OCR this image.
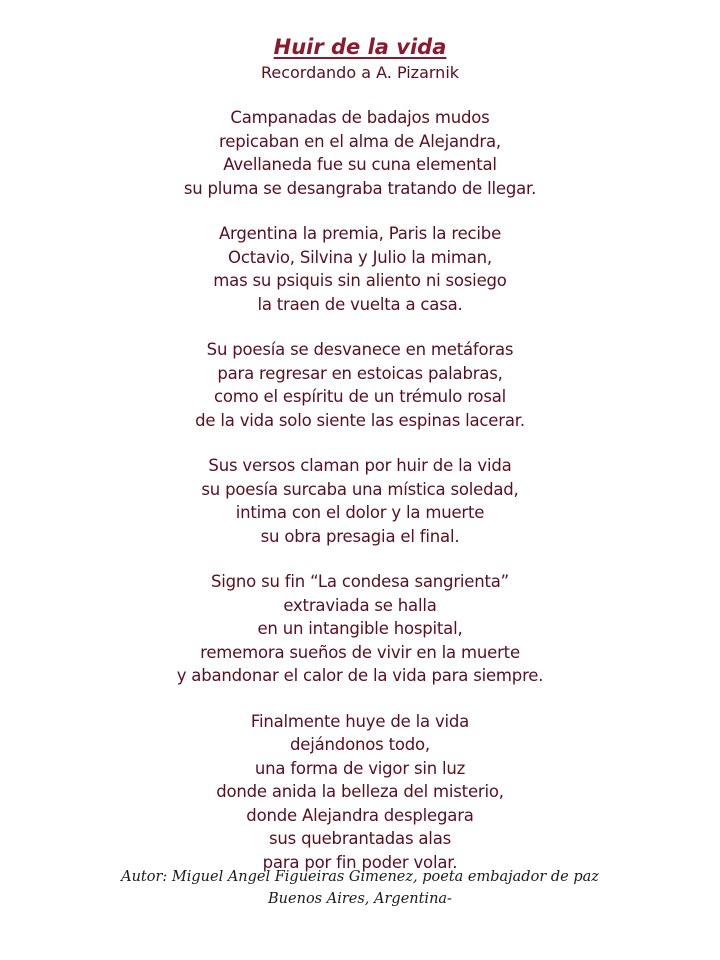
Huir de la vida
Recordando a A. Pizarnik
Campanadas de badajos mudos
repicaban en el alma de Alejandra,
Avellaneda fue su cuna elemental
su pluma se desangraba tratando de llegar.
Argentina la premia, Paris la recibe
Octavio, Silvina y Julio la miman,
mas su psiquis sin aliento ni sosiego
la traen de vuelta a casa.
Su poesía se desvanece en metáforas
para regresar en estoicas palabras,
como el espíritu de un trémulo rosal
de la vida solo siente las espinas lacerar.
Sus versos claman por huir de la vida
su poesía surcaba una mística soledad,
intima con el dolor y la muerte
su obra presagia el final.
Signo su fin “La condesa sangrienta”
extraviada se halla
en un intangible hospital,
rememora sueños de vivir en la muerte
y abandonar el calor de la vida para siempre.
Finalmente huye de la vida
dejándonos todo,
una forma de vigor sin luz
donde anida la belleza del misterio,
donde Alejandra desplegara
sus quebrantadas alas
para por fin poder volar.
Autor: Miguel Angel Figueiras Gimenez, poeta embajador de paz
Buenos Aires, Argentina-
